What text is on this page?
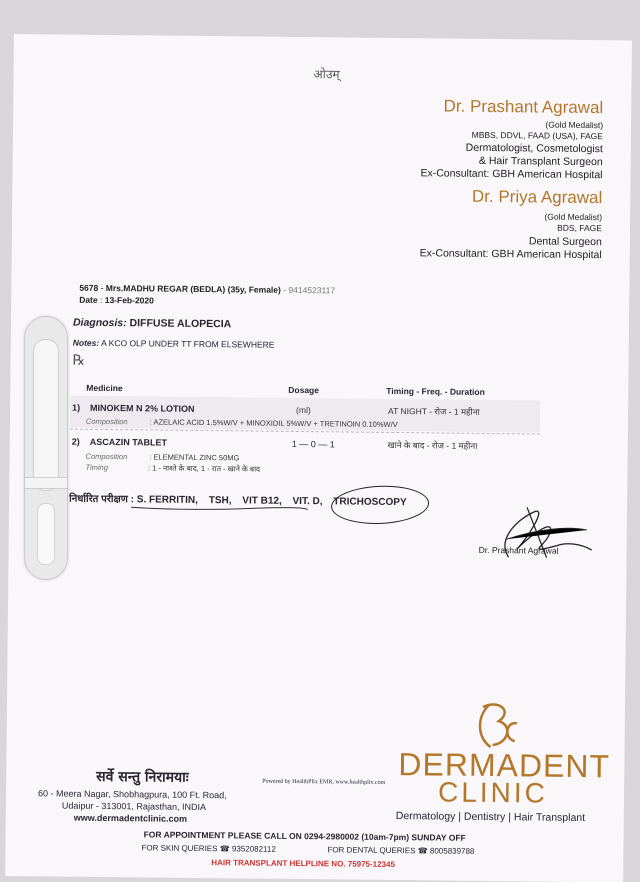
ओउम्
Dr. Prashant Agrawal
(Gold Medalist)
MBBS, DDVL, FAAD (USA), FAGE
Dermatologist, Cosmetologist
& Hair Transplant Surgeon
Ex-Consultant: GBH American Hospital
Dr. Priya Agrawal
(Gold Medalist)
BDS, FAGE
Dental Surgeon
Ex-Consultant: GBH American Hospital
5678 - Mrs.MADHU REGAR (BEDLA) (35y, Female) - 9414523117
Date : 13-Feb-2020
Diagnosis: DIFFUSE ALOPECIA
Notes: A KCO OLP UNDER TT FROM ELSEWHERE
℞
Medicine	Dosage	Timing - Freq. - Duration
1) MINOKEM N 2% LOTION	(ml)	AT NIGHT - रोज - 1 महीना
Composition	: AZELAIC ACID 1.5%W/V + MINOXIDIL 5%W/V + TRETINOIN 0.10%W/V
2) ASCAZIN TABLET	1 — 0 — 1	खाने के बाद - रोज - 1 महीना
Composition	: ELEMENTAL ZINC 50MG
Timing	: 1 - नाश्ते के बाद, 1 - रात - खाने के बाद
निर्धारित परीक्षण : S. FERRITIN, TSH, VIT B12, VIT. D, TRICHOSCOPY
Dr. Prashant Agrawal
DERMADENT
CLINIC
Dermatology | Dentistry | Hair Transplant
सर्वे सन्तु निरामयाः
60 - Meera Nagar, Shobhagpura, 100 Ft. Road,
Udaipur - 313001, Rajasthan, INDIA
www.dermadentclinic.com
Powered by HealthPlix EMR, www.healthplix.com
FOR APPOINTMENT PLEASE CALL ON 0294-2980002 (10am-7pm) SUNDAY OFF
FOR SKIN QUERIES ☎ 9352082112	FOR DENTAL QUERIES ☎ 8005839788
HAIR TRANSPLANT HELPLINE NO. 75975-12345
